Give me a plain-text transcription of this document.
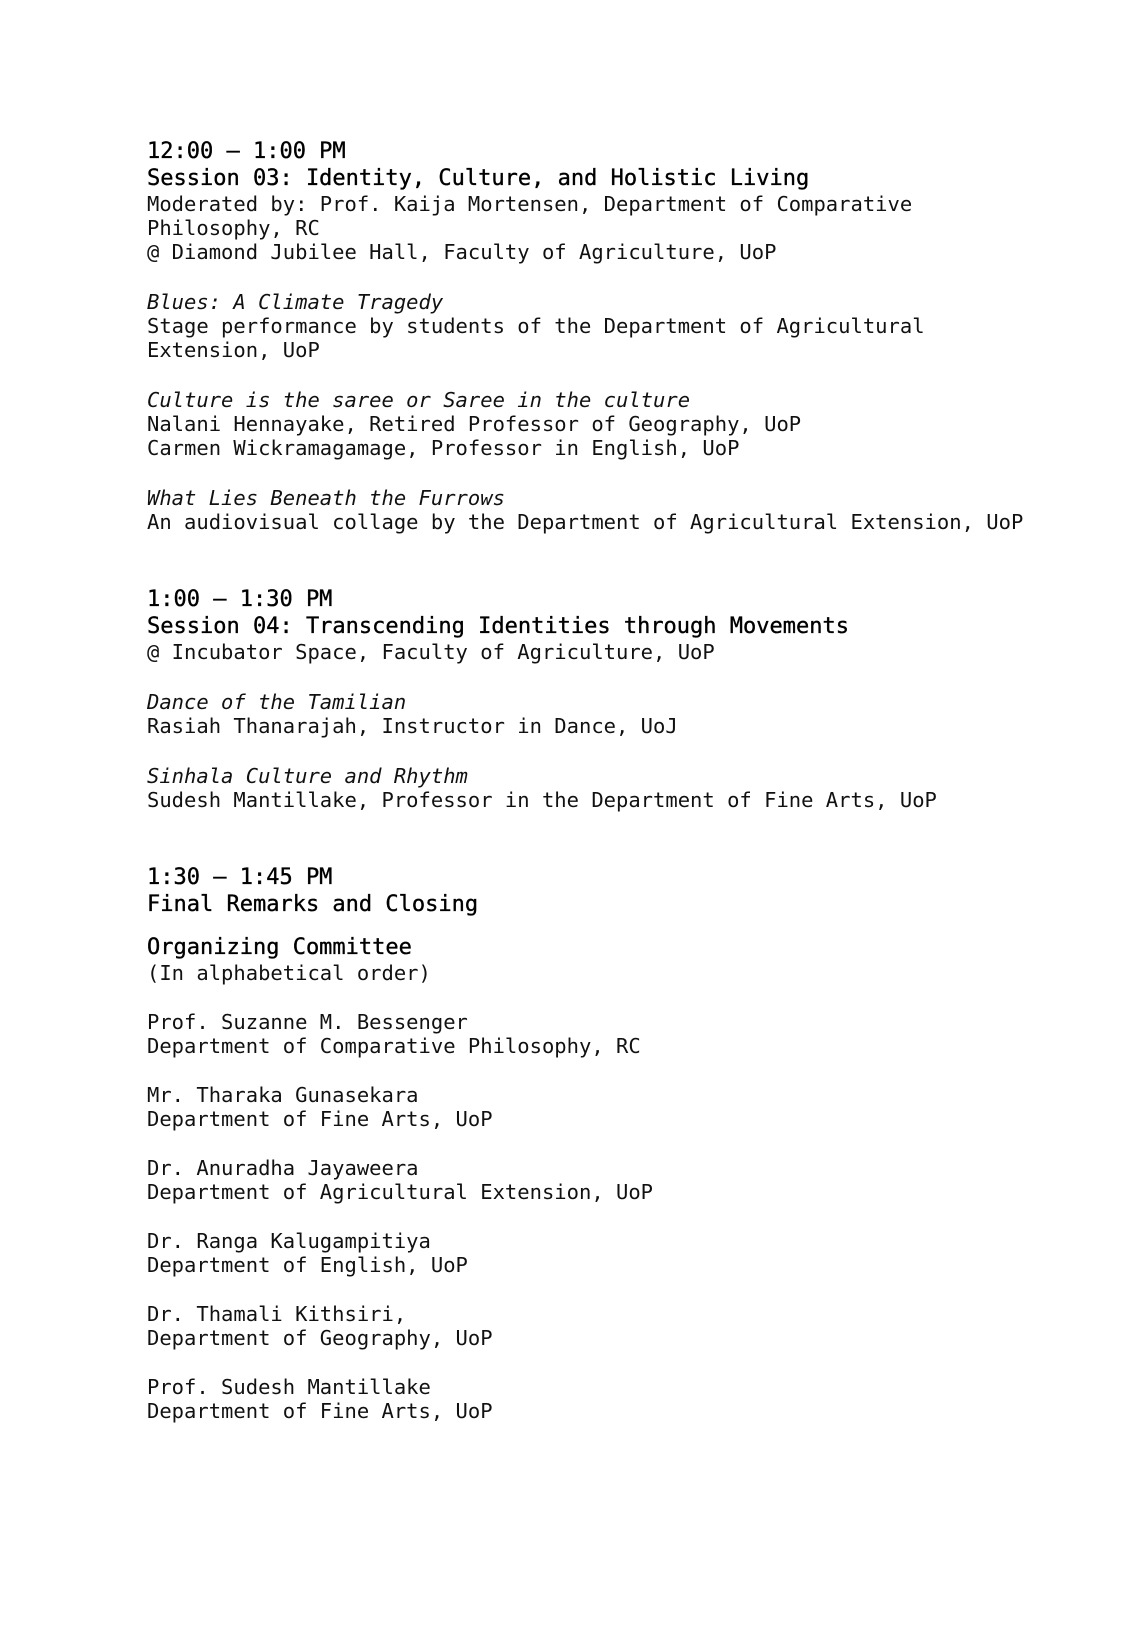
12:00 – 1:00 PM
Session 03: Identity, Culture, and Holistic Living
Moderated by: Prof. Kaija Mortensen, Department of Comparative
Philosophy, RC
@ Diamond Jubilee Hall, Faculty of Agriculture, UoP
Blues: A Climate Tragedy
Stage performance by students of the Department of Agricultural
Extension, UoP
Culture is the saree or Saree in the culture
Nalani Hennayake, Retired Professor of Geography, UoP
Carmen Wickramagamage, Professor in English, UoP
What Lies Beneath the Furrows
An audiovisual collage by the Department of Agricultural Extension, UoP
1:00 – 1:30 PM
Session 04: Transcending Identities through Movements
@ Incubator Space, Faculty of Agriculture, UoP
Dance of the Tamilian
Rasiah Thanarajah, Instructor in Dance, UoJ
Sinhala Culture and Rhythm
Sudesh Mantillake, Professor in the Department of Fine Arts, UoP
1:30 – 1:45 PM
Final Remarks and Closing
Organizing Committee
(In alphabetical order)
Prof. Suzanne M. Bessenger
Department of Comparative Philosophy, RC
Mr. Tharaka Gunasekara
Department of Fine Arts, UoP
Dr. Anuradha Jayaweera
Department of Agricultural Extension, UoP
Dr. Ranga Kalugampitiya
Department of English, UoP
Dr. Thamali Kithsiri,
Department of Geography, UoP
Prof. Sudesh Mantillake
Department of Fine Arts, UoP
